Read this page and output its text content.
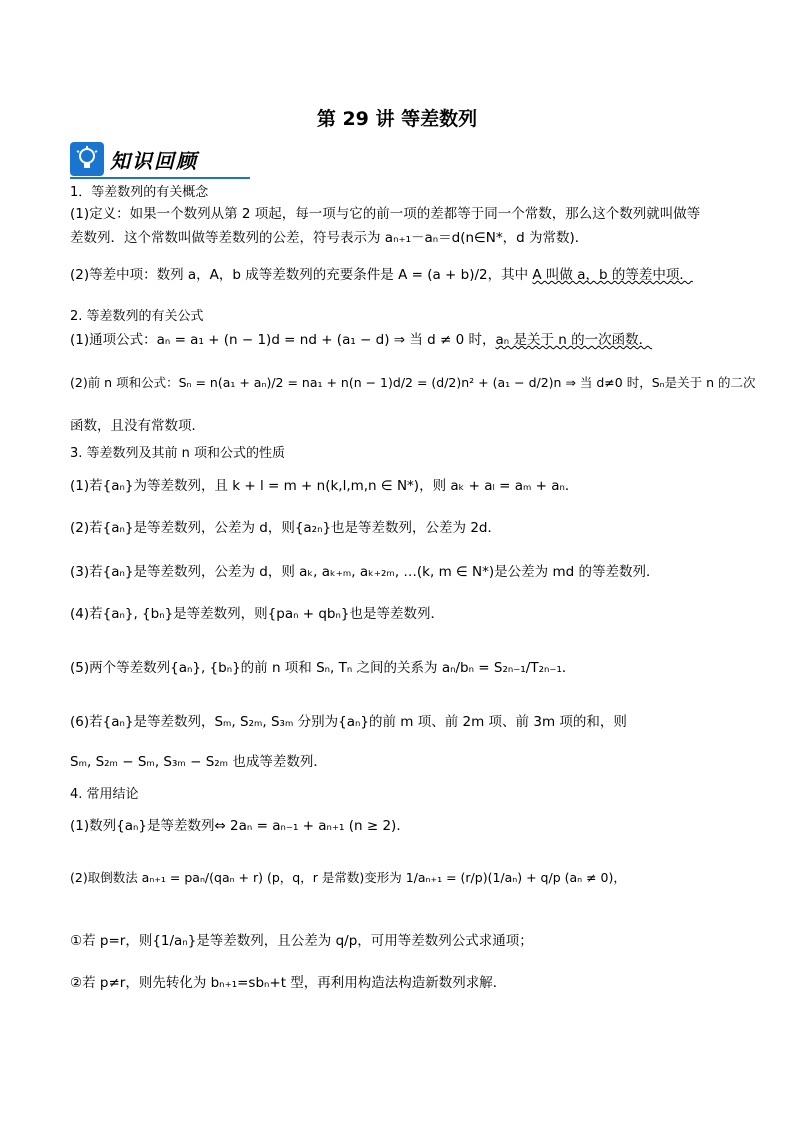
第 29 讲 等差数列
知识回顾
1．等差数列的有关概念
(1)定义：如果一个数列从第 2 项起，每一项与它的前一项的差都等于同一个常数，那么这个数列就叫做等
差数列．这个常数叫做等差数列的公差，符号表示为 aₙ₊₁－aₙ＝d(n∈N*，d 为常数)．
(2)等差中项：数列 a，A，b 成等差数列的充要条件是 A = (a + b)/2，其中 A 叫做 a，b 的等差中项．
2. 等差数列的有关公式
(1)通项公式：aₙ = a₁ + (n − 1)d = nd + (a₁ − d) ⇒ 当 d ≠ 0 时，aₙ 是关于 n 的一次函数．
(2)前 n 项和公式：Sₙ = n(a₁ + aₙ)/2 = na₁ + n(n − 1)d/2 = (d/2)n² + (a₁ − d/2)n ⇒ 当 d≠0 时，Sₙ是关于 n 的二次
函数，且没有常数项．
3. 等差数列及其前 n 项和公式的性质
(1)若{aₙ}为等差数列，且 k + l = m + n(k,l,m,n ∈ N*)，则 aₖ + aₗ = aₘ + aₙ．
(2)若{aₙ}是等差数列，公差为 d，则{a₂ₙ}也是等差数列，公差为 2d．
(3)若{aₙ}是等差数列，公差为 d，则 aₖ, aₖ₊ₘ, aₖ₊₂ₘ, …(k, m ∈ N*)是公差为 md 的等差数列．
(4)若{aₙ}, {bₙ}是等差数列，则{paₙ + qbₙ}也是等差数列．
(5)两个等差数列{aₙ}, {bₙ}的前 n 项和 Sₙ, Tₙ 之间的关系为 aₙ/bₙ = S₂ₙ₋₁/T₂ₙ₋₁．
(6)若{aₙ}是等差数列，Sₘ, S₂ₘ, S₃ₘ 分别为{aₙ}的前 m 项、前 2m 项、前 3m 项的和，则
Sₘ, S₂ₘ − Sₘ, S₃ₘ − S₂ₘ 也成等差数列．
4. 常用结论
(1)数列{aₙ}是等差数列⇔ 2aₙ = aₙ₋₁ + aₙ₊₁ (n ≥ 2)．
(2)取倒数法 aₙ₊₁ = paₙ/(qaₙ + r) (p，q，r 是常数)变形为 1/aₙ₊₁ = (r/p)(1/aₙ) + q/p (aₙ ≠ 0)，
①若 p=r，则{1/aₙ}是等差数列，且公差为 q/p，可用等差数列公式求通项；
②若 p≠r，则先转化为 bₙ₊₁=sbₙ+t 型，再利用构造法构造新数列求解．
